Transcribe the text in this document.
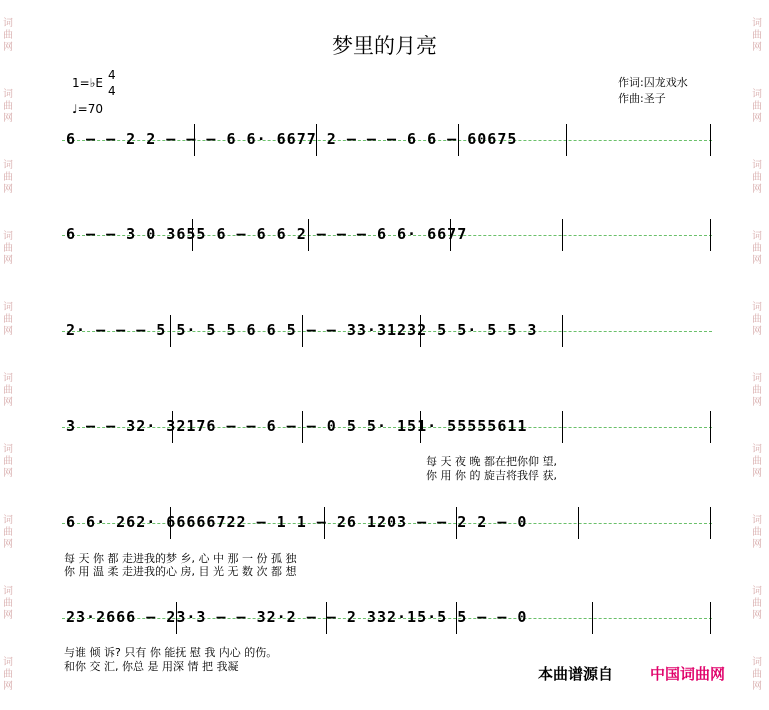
词曲网
词曲网
词曲网
词曲网
词曲网
词曲网
词曲网
词曲网
词曲网
词曲网
词曲网
词曲网
词曲网
词曲网
词曲网
词曲网
词曲网
词曲网
词曲网
词曲网
梦里的月亮
1=♭E
4
4
♩=70
作词:囚龙戏水
作曲:圣子
6 — — 2 2 — — — 6 6· 6677 2 — — — 6 6 — 60675
6 — — 3 0 3655 6 — 6 6 2 — — — 6 6· 6677
2· — — — 5 5· 5 5 6 6 5 — — 33·31232 5 5· 5 5 3
3 — — 32· 32176 — — 6 — — 0 5 5· 151· 55555611
每 天 夜 晚 都在把你仰 望,
你 用 你 的 旋吉将我俘 获,
6 6· 262· 66666722 — 1 1 — 26 1203 — — 2 2 — 0
每 天 你 都 走进我的梦 乡, 心 中 那 一 份 孤 独
你 用 温 柔 走进我的心 房, 目 光 无 数 次 都 想
23·2666 — 23·3 — — 32·2 — — 2 332·15·5 5 — — 0
与谁 倾 诉? 只有 你 能抚 慰 我 内心 的伤。
和你 交 汇, 你总 是 用深 情 把 我凝	本曲谱源自 中国词曲网
